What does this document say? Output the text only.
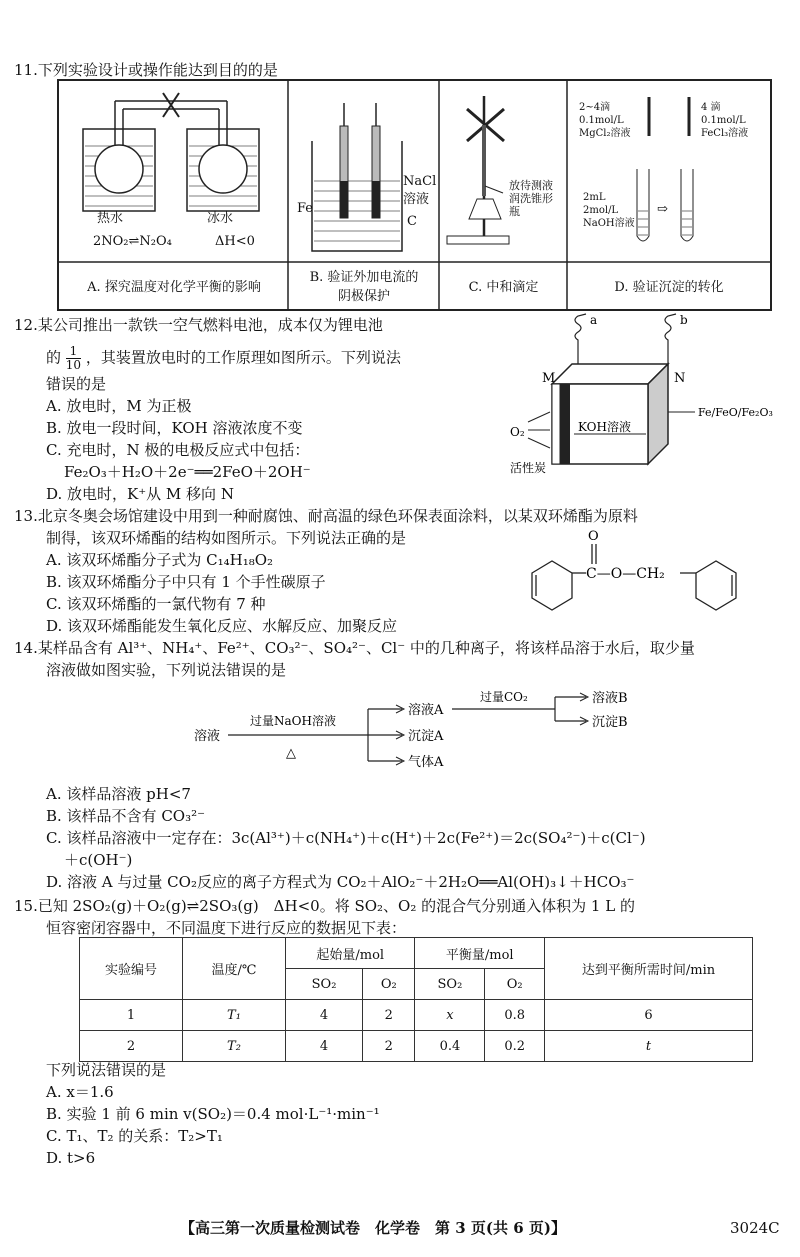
11.下列实验设计或操作能达到目的的是
⇨
热水	冰水
2NO₂⇌N₂O₄	ΔH<0
A. 探究温度对化学平衡的影响
NaCl
溶液
Fe
C
B. 验证外加电流的
阴极保护
放待测液
润洗锥形
瓶
C. 中和滴定
2~4滴
0.1mol/L
MgCl₂溶液
4 滴
0.1mol/L
FeCl₃溶液
2mL
2mol/L
NaOH溶液
D. 验证沉淀的转化
12.某公司推出一款铁一空气燃料电池，成本仅为锂电池
的 $\frac{1}{10}$ ，其装置放电时的工作原理如图所示。下列说法
错误的是
A. 放电时，M 为正极
B. 放电一段时间，KOH 溶液浓度不变
C. 充电时，N 极的电极反应式中包括：
Fe₂O₃＋H₂O＋2e⁻══2FeO＋2OH⁻
D. 放电时，K⁺从 M 移向 N
a	b
M	N
O₂	KOH溶液
Fe/FeO/Fe₂O₃
活性炭
13.北京冬奥会场馆建设中用到一种耐腐蚀、耐高温的绿色环保表面涂料，以某双环烯酯为原料
制得，该双环烯酯的结构如图所示。下列说法正确的是
A. 该双环烯酯分子式为 C₁₄H₁₈O₂
B. 该双环烯酯分子中只有 1 个手性碳原子
C. 该双环烯酯的一氯代物有 7 种
D. 该双环烯酯能发生氧化反应、水解反应、加聚反应
O
C—O—CH₂
14.某样品含有 Al³⁺、NH₄⁺、Fe²⁺、CO₃²⁻、SO₄²⁻、Cl⁻ 中的几种离子，将该样品溶于水后，取少量
溶液做如图实验，下列说法错误的是
溶液
过量NaOH溶液
△
溶液A
沉淀A
气体A
过量CO₂	溶液B
沉淀B
A. 该样品溶液 pH<7
B. 该样品不含有 CO₃²⁻
C. 该样品溶液中一定存在：3c(Al³⁺)＋c(NH₄⁺)＋c(H⁺)＋2c(Fe²⁺)＝2c(SO₄²⁻)＋c(Cl⁻)
＋c(OH⁻)
D. 溶液 A 与过量 CO₂反应的离子方程式为 CO₂＋AlO₂⁻＋2H₂O══Al(OH)₃↓＋HCO₃⁻
15.已知 2SO₂(g)＋O₂(g)⇌2SO₃(g)　ΔH<0。将 SO₂、O₂ 的混合气分别通入体积为 1 L 的
恒容密闭容器中，不同温度下进行反应的数据见下表：
实验编号	温度/℃	起始量/mol		平衡量/mol		达到平衡所需时间/min
		SO₂	O₂	SO₂	O₂	
1	T₁	4	2	x	0.8	6
2	T₂	4	2	0.4	0.2	t
下列说法错误的是
A. x＝1.6
B. 实验 1 前 6 min v(SO₂)＝0.4 mol·L⁻¹·min⁻¹
C. T₁、T₂ 的关系：T₂>T₁
D. t>6
【高三第一次质量检测试卷　化学卷　第 3 页(共 6 页)】	3024C
